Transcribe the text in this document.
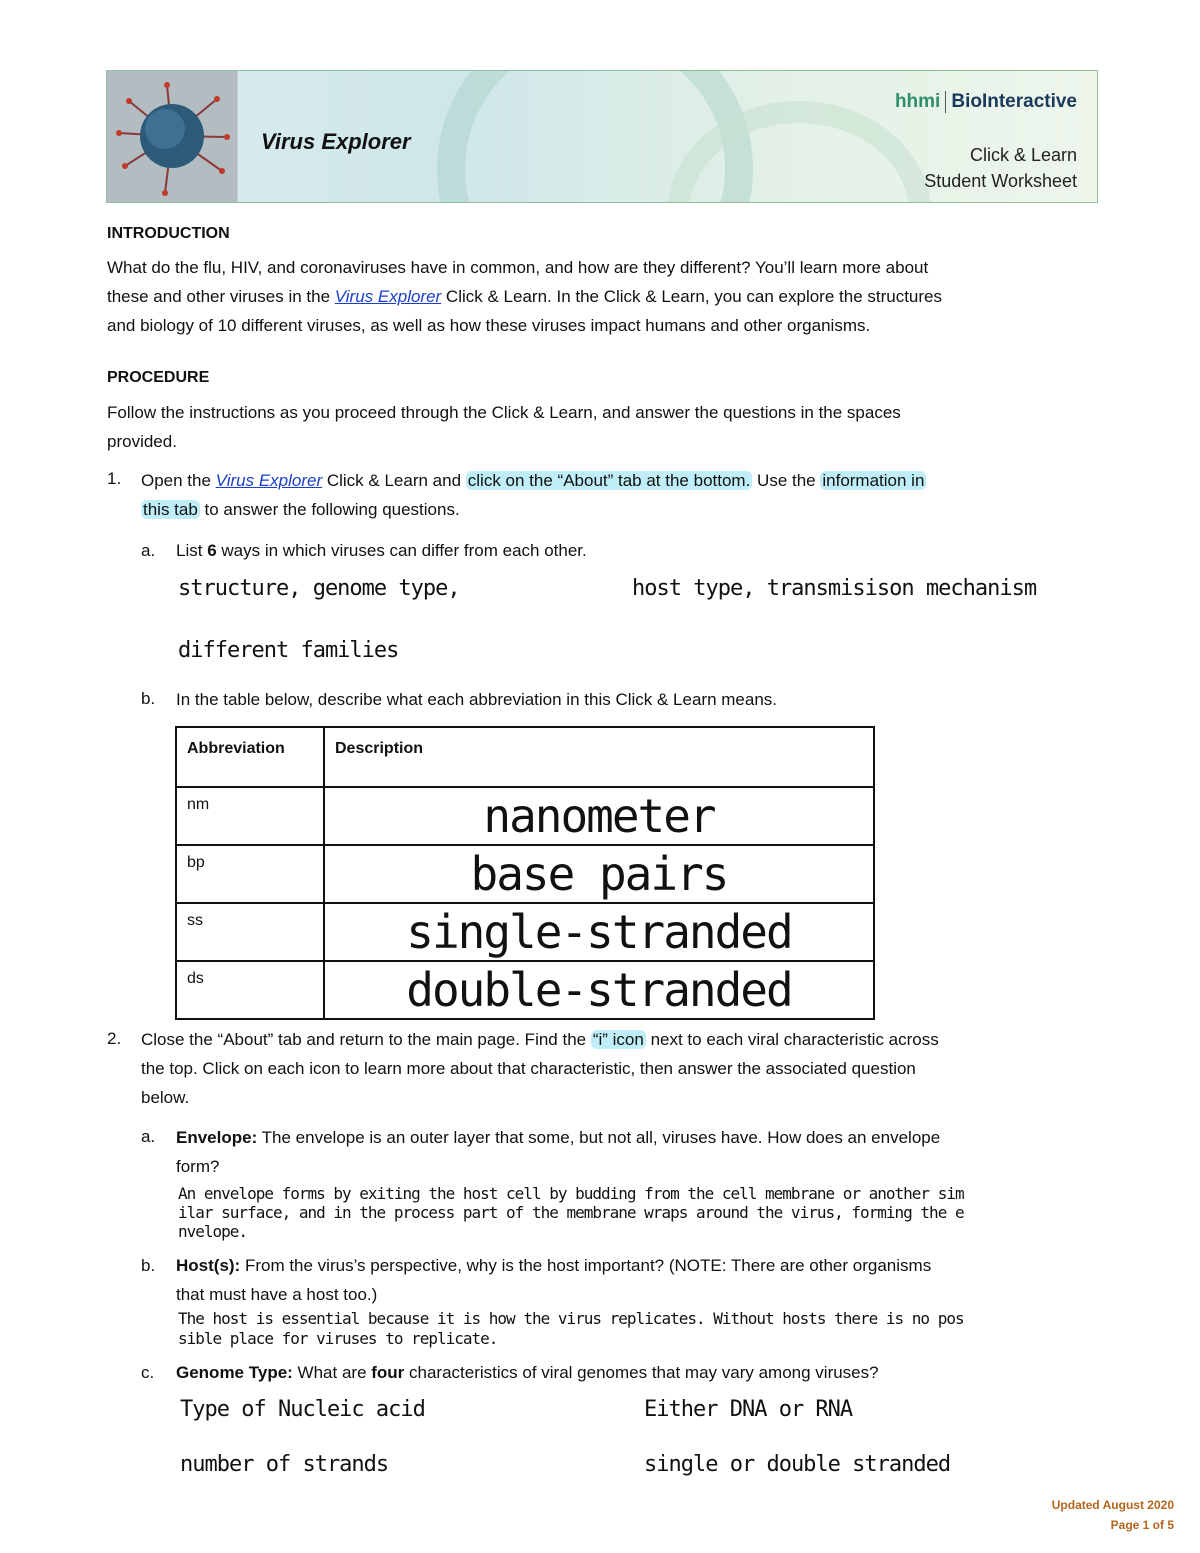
Virus Explorer
hhmi BioInteractive
Click & Learn
Student Worksheet
INTRODUCTION
What do the flu, HIV, and coronaviruses have in common, and how are they different? You’ll learn more about
these and other viruses in the Virus Explorer Click & Learn. In the Click & Learn, you can explore the structures
and biology of 10 different viruses, as well as how these viruses impact humans and other organisms.
PROCEDURE
Follow the instructions as you proceed through the Click & Learn, and answer the questions in the spaces
provided.
1. Open the Virus Explorer Click & Learn and click on the “About” tab at the bottom. Use the information in
this tab to answer the following questions.
a. List 6 ways in which viruses can differ from each other.
structure, genome type,	host type, transmisison mechanism
different families
b. In the table below, describe what each abbreviation in this Click & Learn means.
Abbreviation	Description
nm	nanometer
bp	base pairs
ss	single-stranded
ds	double-stranded
2. Close the “About” tab and return to the main page. Find the “i” icon next to each viral characteristic across
the top. Click on each icon to learn more about that characteristic, then answer the associated question
below.
a. Envelope: The envelope is an outer layer that some, but not all, viruses have. How does an envelope
form?
An envelope forms by exiting the host cell by budding from the cell membrane or another sim
ilar surface, and in the process part of the membrane wraps around the virus, forming the e
nvelope.
b. Host(s): From the virus’s perspective, why is the host important? (NOTE: There are other organisms
that must have a host too.)
The host is essential because it is how the virus replicates. Without hosts there is no pos
sible place for viruses to replicate.
c. Genome Type: What are four characteristics of viral genomes that may vary among viruses?
Type of Nucleic acid	Either DNA or RNA
number of strands	single or double stranded
Updated August 2020
Page 1 of 5
